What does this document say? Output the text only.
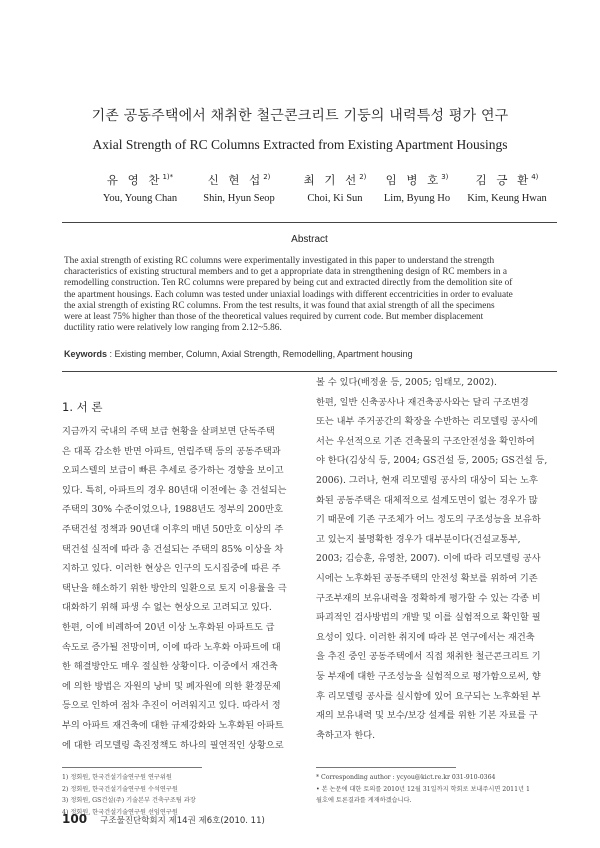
기존 공동주택에서 채취한 철근콘크리트 기둥의 내력특성 평가 연구
Axial Strength of RC Columns Extracted from Existing Apartment Housings
유 영 찬$^{1)*}$
You, Young Chan
신 현 섭$^{2)}$
Shin, Hyun Seop
최 기 선$^{2)}$
Choi, Ki Sun
임 병 호$^{3)}$
Lim, Byung Ho
김 긍 환$^{4)}$
Kim, Keung Hwan
Abstract
The axial strength of existing RC columns were experimentally investigated in this paper to understand the strength
characteristics of existing structural members and to get a appropriate data in strengthening design of RC members in a
remodelling construction. Ten RC columns were prepared by being cut and extracted directly from the demolition site of
the apartment housings. Each column was tested under uniaxial loadings with different eccentricities in order to evaluate
the axial strength of existing RC columns. From the test results, it was found that axial strength of all the specimens
were at least 75% higher than those of the theoretical values required by current code. But member displacement
ductility ratio were relatively low ranging from 2.12~5.86.
Keywords : Existing member, Column, Axial Strength, Remodelling, Apartment housing
1. 서 론
지금까지 국내의 주택 보급 현황을 살펴보면 단독주택
은 대폭 감소한 반면 아파트, 연립주택 등의 공동주택과
오피스텔의 보급이 빠른 추세로 증가하는 경향을 보이고
있다. 특히, 아파트의 경우 80년대 이전에는 총 건설되는
주택의 30% 수준이었으나, 1988년도 정부의 200만호
주택건설 정책과 90년대 이후의 매년 50만호 이상의 주
택건설 실적에 따라 총 건설되는 주택의 85% 이상을 차
지하고 있다. 이러한 현상은 인구의 도시집중에 따른 주
택난을 해소하기 위한 방안의 일환으로 토지 이용률을 극
대화하기 위해 파생 수 없는 현상으로 고려되고 있다.
한편, 이에 비례하여 20년 이상 노후화된 아파트도 급
속도로 증가될 전망이며, 이에 따라 노후화 아파트에 대
한 해결방안도 매우 절실한 상황이다. 이중에서 재건축
에 의한 방법은 자원의 낭비 및 폐자원에 의한 환경문제
등으로 인하여 점차 추진이 어려워지고 있다. 따라서 정
부의 아파트 재건축에 대한 규제강화와 노후화된 아파트
에 대한 리모델링 촉진정책도 하나의 필연적인 상황으로
볼 수 있다(배정윤 등, 2005; 임태모, 2002).
한편, 일반 신축공사나 재건축공사와는 달리 구조변경
또는 내부 주거공간의 확장을 수반하는 리모델링 공사에
서는 우선적으로 기존 건축물의 구조안전성을 확인하여
야 한다(김상식 등, 2004; GS건설 등, 2005; GS건설 등,
2006). 그러나, 현재 리모델링 공사의 대상이 되는 노후
화된 공동주택은 대체적으로 설계도면이 없는 경우가 많
기 때문에 기존 구조체가 어느 정도의 구조성능을 보유하
고 있는지 불명확한 경우가 대부분이다(건설교통부,
2003; 김승훈, 유영찬, 2007). 이에 따라 리모델링 공사
시에는 노후화된 공동주택의 안전성 확보를 위하여 기존
구조부재의 보유내력을 정확하게 평가할 수 있는 각종 비
파괴적인 검사방법의 개발 및 이를 실험적으로 확인할 필
요성이 있다. 이러한 취지에 따라 본 연구에서는 재건축
을 추진 중인 공동주택에서 직접 채취한 철근콘크리트 기
둥 부재에 대한 구조성능을 실험적으로 평가함으로써, 향
후 리모델링 공사를 실시함에 있어 요구되는 노후화된 부
재의 보유내력 및 보수/보강 설계를 위한 기본 자료를 구
축하고자 한다.
1) 정회원, 한국건설기술연구원 연구위원
2) 정회원, 한국건설기술연구원 수석연구원
3) 정회원, GS건설(주) 기술본부 건축구조팀 과장
4) 정회원, 한국건설기술연구원 선임연구원
* Corresponding author : ycyou@kict.re.kr 031-910-0364
• 본 논문에 대한 토의를 2010년 12월 31일까지 학회로 보내주시면 2011년 1
월호에 토론결과를 게재하겠습니다.
100 구조물진단학회지 제14권 제6호(2010. 11)
